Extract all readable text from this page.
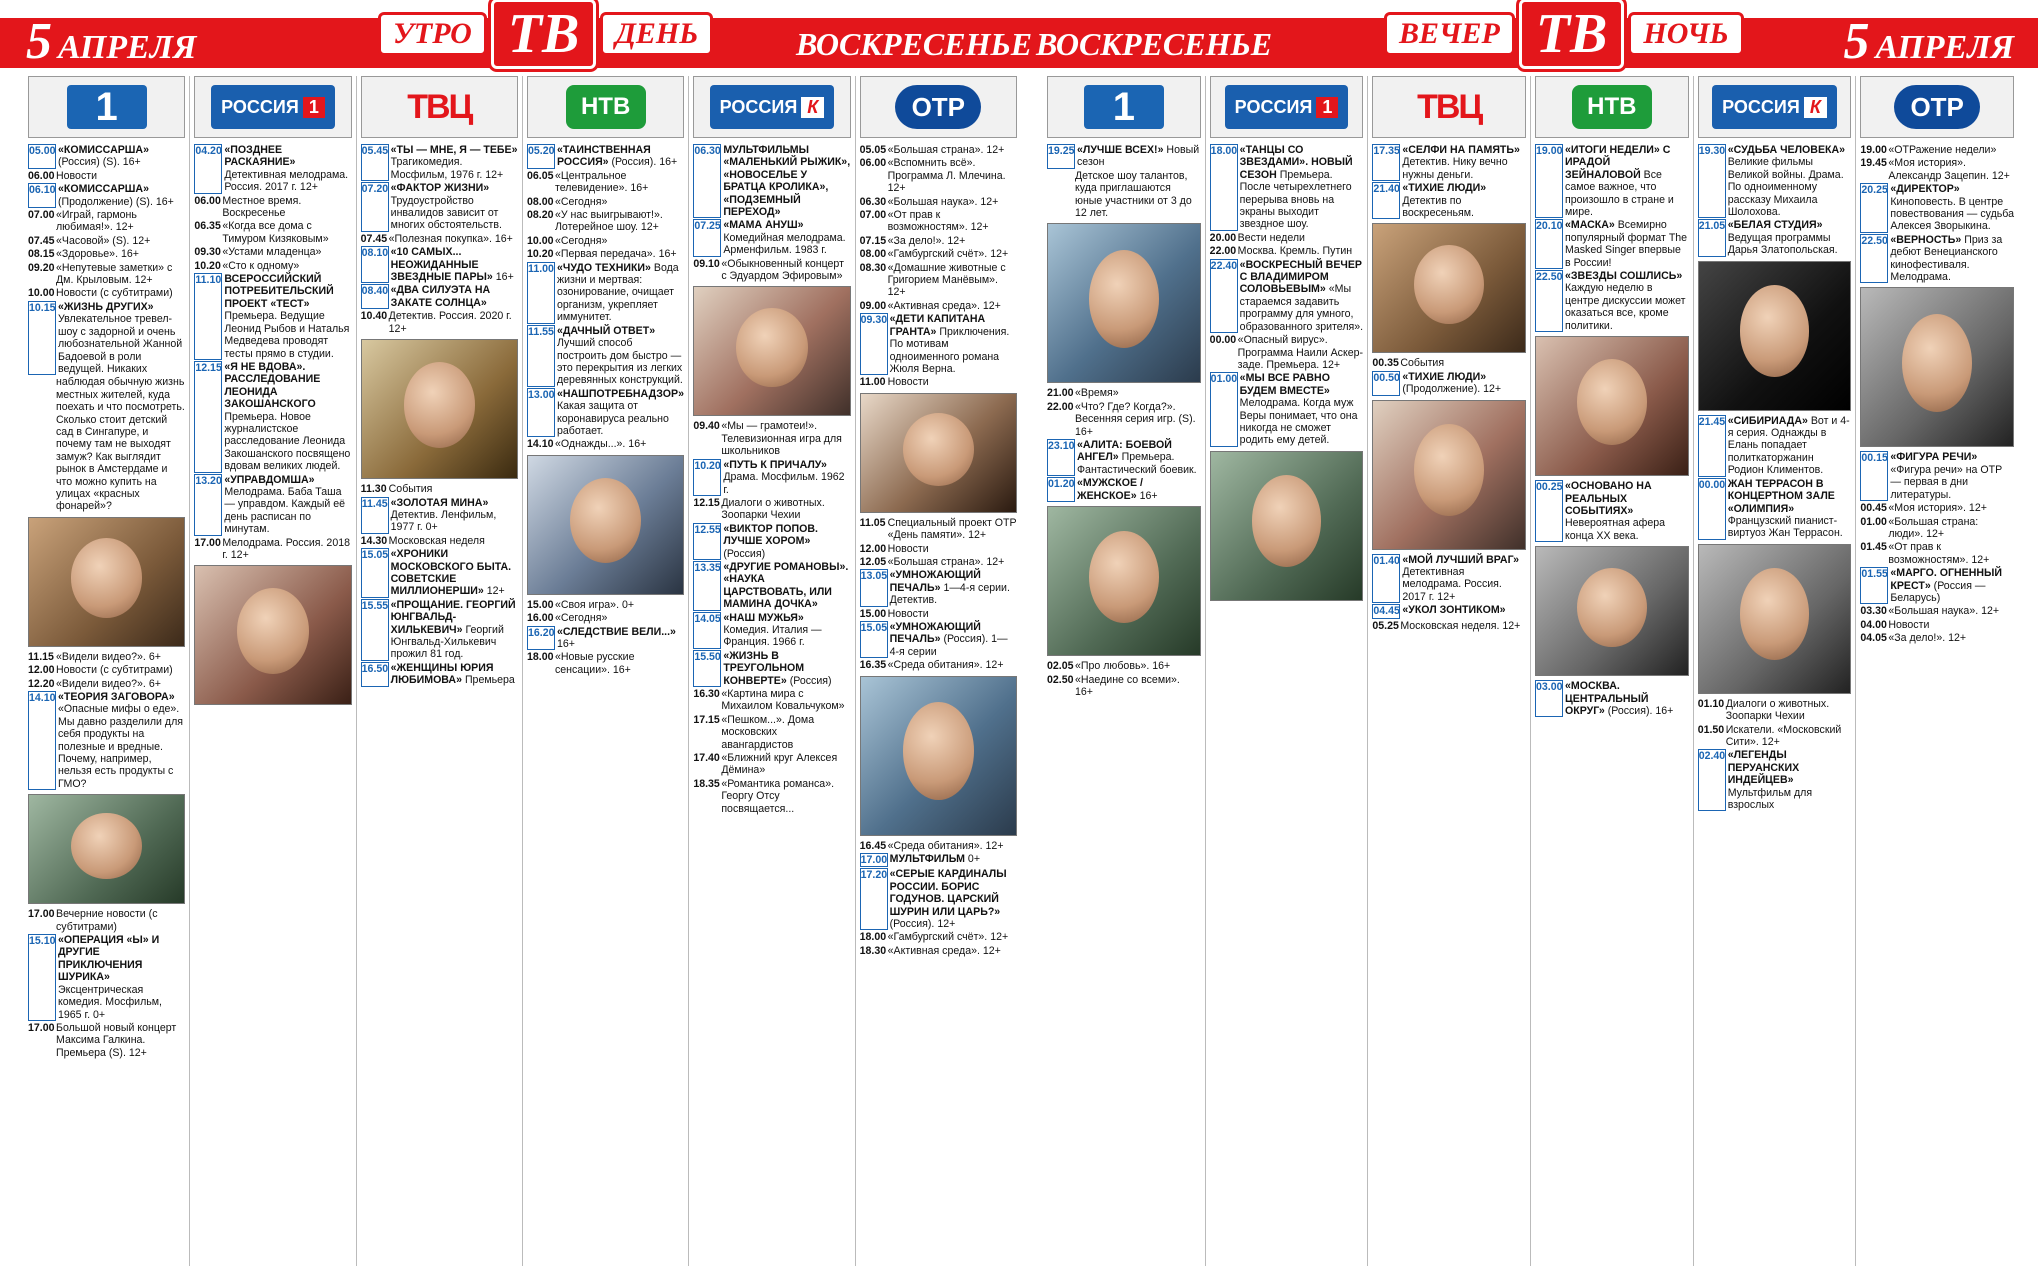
5 АПРЕЛЯ	УТРО ТВ	ДЕНЬ	ВОСКРЕСЕНЬЕ ВОСКРЕСЕНЬЕ	ВЕЧЕР ТВ	НОЧЬ 5 АПРЕЛЯ
1
05.00 «КОМИССАРША» (Россия) (S). 16+
06.00 Новости
06.10 «КОМИССАРША» (Продолжение) (S). 16+
07.00 «Играй, гармонь любимая!». 12+
07.45 «Часовой» (S). 12+
08.15 «Здоровье». 16+
09.20 «Непутевые заметки» с Дм. Крыловым. 12+
10.00 Новости (с субтитрами)
10.15 «ЖИЗНЬ ДРУГИХ» Увлекательное тревел-шоу с задорной и очень любознательной Жанной Бадоевой в роли ведущей. Никаких
наблюдая обычную жизнь местных жителей, куда поехать и что посмотреть. Сколько стоит детский сад в Сингапуре, и почему там не выходят замуж? Как выглядит рынок в Амстердаме и что можно купить на улицах «красных фонарей»?
11.15 «Видели видео?». 6+
12.00 Новости (с субтитрами)
12.20 «Видели видео?». 6+
14.10 «ТЕОРИЯ ЗАГОВОРА» «Опасные мифы о еде». Мы давно разделили для себя продукты на полезные и вредные. Почему, например, нельзя есть продукты с ГМО?
17.00 Вечерние новости (с субтитрами)
15.10 «ОПЕРАЦИЯ «Ы» И ДРУГИЕ ПРИКЛЮЧЕНИЯ ШУРИКА» Эксцентрическая комедия. Мосфильм, 1965 г. 0+
17.00 Большой новый концерт Максима Галкина. Премьера (S). 12+
РОССИЯ 1
04.20 «ПОЗДНЕЕ РАСКАЯНИЕ» Детективная мелодрама. Россия. 2017 г. 12+
06.00 Местное время. Воскресенье
06.35 «Когда все дома с Тимуром Кизяковым»
09.30 «Устами младенца»
10.20 «Сто к одному»
11.10 ВСЕРОССИЙСКИЙ ПОТРЕБИТЕЛЬСКИЙ ПРОЕКТ «ТЕСТ» Премьера. Ведущие Леонид Рыбов и Наталья Медведева проводят тесты прямо в студии.
12.15 «Я НЕ ВДОВА». РАССЛЕДОВАНИЕ ЛЕОНИДА ЗАКОШАНСКОГО Премьера. Новое журналистское расследование Леонида Закошанского посвящено вдовам великих людей.
13.20 «УПРАВДОМША» Мелодрама. Баба Таша — управдом. Каждый её день расписан по минутам.
17.00 Мелодрама. Россия. 2018 г. 12+
ТВЦ
05.45 «ТЫ — МНЕ, Я — ТЕБЕ» Трагикомедия. Мосфильм, 1976 г. 12+
07.20 «ФАКТОР ЖИЗНИ» Трудоустройство инвалидов зависит от многих обстоятельств.
07.45 «Полезная покупка». 16+
08.10 «10 САМЫХ... НЕОЖИДАННЫЕ ЗВЕЗДНЫЕ ПАРЫ» 16+
08.40 «ДВА СИЛУЭТА НА ЗАКАТЕ СОЛНЦА»
10.40 Детектив. Россия. 2020 г. 12+
11.30 События
11.45 «ЗОЛОТАЯ МИНА» Детектив. Ленфильм, 1977 г. 0+
14.30 Московская неделя
15.05 «ХРОНИКИ МОСКОВСКОГО БЫТА. СОВЕТСКИЕ МИЛЛИОНЕРШИ» 12+
15.55 «ПРОЩАНИЕ. ГЕОРГИЙ ЮНГВАЛЬД-ХИЛЬКЕВИЧ» Георгий Юнгвальд-Хилькевич прожил 81 год.
16.50 «ЖЕНЩИНЫ ЮРИЯ ЛЮБИМОВА» Премьера
НТВ
05.20 «ТАИНСТВЕННАЯ РОССИЯ» (Россия). 16+
06.05 «Центральное телевидение». 16+
08.00 «Сегодня»
08.20 «У нас выигрывают!». Лотерейное шоу. 12+
10.00 «Сегодня»
10.20 «Первая передача». 16+
11.00 «ЧУДО ТЕХНИКИ» Вода жизни и мертвая: озонирование, очищает организм, укрепляет иммунитет.
11.55 «ДАЧНЫЙ ОТВЕТ» Лучший способ построить дом быстро — это перекрытия из легких деревянных конструкций.
13.00 «НАШПОТРЕБНАДЗОР» Какая защита от коронавируса реально работает.
14.10 «Однажды...». 16+
15.00 «Своя игра». 0+
16.00 «Сегодня»
16.20 «СЛЕДСТВИЕ ВЕЛИ...» 16+
18.00 «Новые русские сенсации». 16+
РОССИЯ К
06.30 МУЛЬТФИЛЬМЫ «МАЛЕНЬКИЙ РЫЖИК», «НОВОСЕЛЬЕ У БРАТЦА КРОЛИКА», «ПОДЗЕМНЫЙ ПЕРЕХОД»
07.25 «МАМА АНУШ» Комедийная мелодрама. Арменфильм. 1983 г.
09.10 «Обыкновенный концерт с Эдуардом Эфировым»
09.40 «Мы — грамотеи!». Телевизионная игра для школьников
10.20 «ПУТЬ К ПРИЧАЛУ» Драма. Мосфильм. 1962 г.
12.15 Диалоги о животных. Зоопарки Чехии
12.55 «ВИКТОР ПОПОВ. ЛУЧШЕ ХОРОМ» (Россия)
13.35 «ДРУГИЕ РОМАНОВЫ». «НАУКА ЦАРСТВОВАТЬ, ИЛИ МАМИНА ДОЧКА»
14.05 «НАШ МУЖЬЯ» Комедия. Италия — Франция. 1966 г.
15.50 «ЖИЗНЬ В ТРЕУГОЛЬНОМ КОНВЕРТЕ» (Россия)
16.30 «Картина мира с Михаилом Ковальчуком»
17.15 «Пешком...». Дома московских авангардистов
17.40 «Ближний круг Алексея Дёмина»
18.35 «Романтика романса». Георгу Отсу посвящается...
ОТР
05.05 «Большая страна». 12+
06.00 «Вспомнить всё». Программа Л. Млечина. 12+
06.30 «Большая наука». 12+
07.00 «От прав к возможностям». 12+
07.15 «За дело!». 12+
08.00 «Гамбургский счёт». 12+
08.30 «Домашние животные с Григорием Манёвым». 12+
09.00 «Активная среда». 12+
09.30 «ДЕТИ КАПИТАНА ГРАНТА» Приключения. По мотивам одноименного романа Жюля Верна.
11.00 Новости
11.05 Специальный проект ОТР «День памяти». 12+
12.00 Новости
12.05 «Большая страна». 12+
13.05 «УМНОЖАЮЩИЙ ПЕЧАЛЬ» 1—4-я серии. Детектив.
15.00 Новости
15.05 «УМНОЖАЮЩИЙ ПЕЧАЛЬ» (Россия). 1—4-я серии
16.35 «Среда обитания». 12+
16.45 «Среда обитания». 12+
17.00 МУЛЬТФИЛЬМ 0+
17.20 «СЕРЫЕ КАРДИНАЛЫ РОССИИ. БОРИС ГОДУНОВ. ЦАРСКИЙ ШУРИН ИЛИ ЦАРЬ?» (Россия). 12+
18.00 «Гамбургский счёт». 12+
18.30 «Активная среда». 12+
1
19.25 «ЛУЧШЕ ВСЕХ!» Новый сезон
Детское шоу талантов, куда приглашаются юные участники от 3 до 12 лет.
21.00 «Время»
22.00 «Что? Где? Когда?». Весенняя серия игр. (S). 16+
23.10 «АЛИТА: БОЕВОЙ АНГЕЛ» Премьера. Фантастический боевик.
01.20 «МУЖСКОЕ / ЖЕНСКОЕ» 16+
02.05 «Про любовь». 16+
02.50 «Наедине со всеми». 16+
РОССИЯ 1
18.00 «ТАНЦЫ СО ЗВЕЗДАМИ». НОВЫЙ СЕЗОН Премьера. После четырехлетнего перерыва вновь на экраны выходит звездное шоу.
20.00 Вести недели
22.00 Москва. Кремль. Путин
22.40 «ВОСКРЕСНЫЙ ВЕЧЕР С ВЛАДИМИРОМ СОЛОВЬЕВЫМ» «Мы стараемся задавить программу для умного, образованного зрителя».
00.00 «Опасный вирус». Программа Наили Аскер-заде. Премьера. 12+
01.00 «МЫ ВСЕ РАВНО БУДЕМ ВМЕСТЕ» Мелодрама. Когда муж Веры понимает, что она никогда не сможет родить ему детей.
ТВЦ
17.35 «СЕЛФИ НА ПАМЯТЬ» Детектив. Нику вечно нужны деньги.
21.40 «ТИХИЕ ЛЮДИ» Детектив по воскресеньям.
00.35 События
00.50 «ТИХИЕ ЛЮДИ» (Продолжение). 12+
01.40 «МОЙ ЛУЧШИЙ ВРАГ» Детективная мелодрама. Россия. 2017 г. 12+
04.45 «УКОЛ ЗОНТИКОМ»
05.25 Московская неделя. 12+
НТВ
19.00 «ИТОГИ НЕДЕЛИ» С ИРАДОЙ ЗЕЙНАЛОВОЙ Все самое важное, что произошло в стране и мире.
20.10 «МАСКА» Всемирно популярный формат The Masked Singer впервые в России!
22.50 «ЗВЕЗДЫ СОШЛИСЬ» Каждую неделю в центре дискуссии может оказаться все, кроме политики.
00.25 «ОСНОВАНО НА РЕАЛЬНЫХ СОБЫТИЯХ» Невероятная афера конца XX века.
03.00 «МОСКВА. ЦЕНТРАЛЬНЫЙ ОКРУГ» (Россия). 16+
РОССИЯ К
19.30 «СУДЬБА ЧЕЛОВЕКА» Великие фильмы Великой войны. Драма. По одноименному рассказу Михаила Шолохова.
21.05 «БЕЛАЯ СТУДИЯ» Ведущая программы Дарья Златопольская.
21.45 «СИБИРИАДА» Вот и 4-я серия. Однажды в Елань попадает политкаторжанин Родион Климентов.
00.00 ЖАН ТЕРРАСОН В КОНЦЕРТНОМ ЗАЛЕ «ОЛИМПИЯ» Французский пианист-виртуоз Жан Террасон.
01.10 Диалоги о животных. Зоопарки Чехии
01.50 Искатели. «Московский Сити». 12+
02.40 «ЛЕГЕНДЫ ПЕРУАНСКИХ ИНДЕЙЦЕВ» Мультфильм для взрослых
ОТР
19.00 «ОТРажение недели»
19.45 «Моя история». Александр Зацепин. 12+
20.25 «ДИРЕКТОР» Киноповесть. В центре повествования — судьба Алексея Зворыкина.
22.50 «ВЕРНОСТЬ» Приз за дебют Венецианского кинофестиваля. Мелодрама.
00.15 «ФИГУРА РЕЧИ» «Фигура речи» на ОТР — первая в дни литературы.
00.45 «Моя история». 12+
01.00 «Большая страна: люди». 12+
01.45 «От прав к возможностям». 12+
01.55 «МАРГО. ОГНЕННЫЙ КРЕСТ» (Россия — Беларусь)
03.30 «Большая наука». 12+
04.00 Новости
04.05 «За дело!». 12+
